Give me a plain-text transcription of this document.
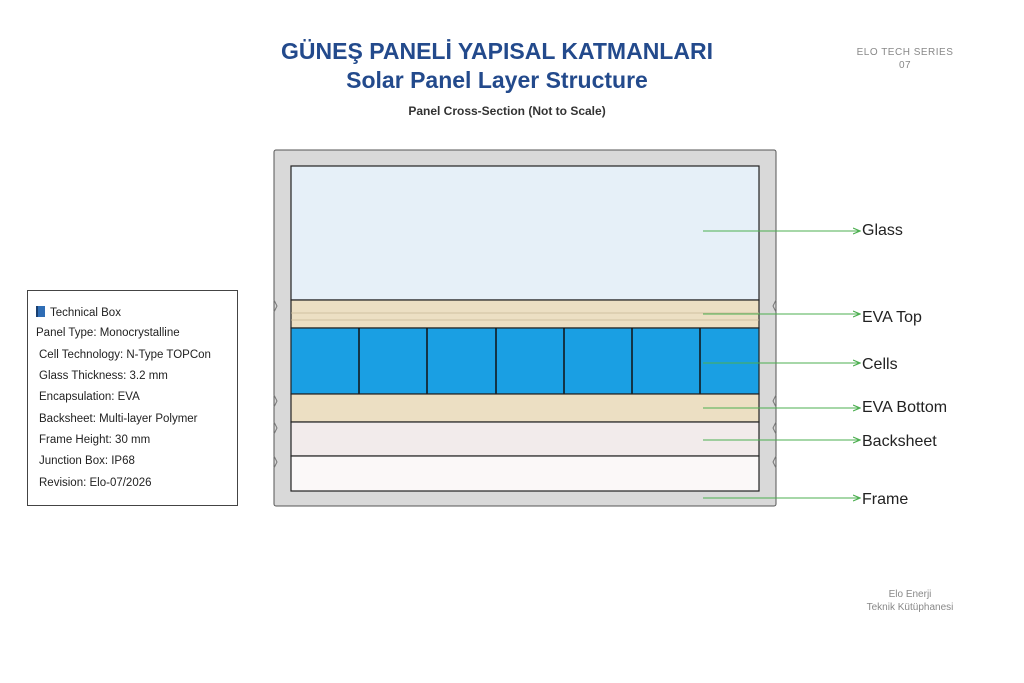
GÜNEŞ PANELİ YAPISAL KATMANLARI
Solar Panel Layer Structure
Panel Cross-Section (Not to Scale)
ELO TECH SERIES
07
Technical Box
Panel Type: Monocrystalline
Cell Technology: N-Type TOPCon
Glass Thickness: 3.2 mm
Encapsulation: EVA
Backsheet: Multi-layer Polymer
Frame Height: 30 mm
Junction Box: IP68
Revision: Elo-07/2026
Glass
EVA Top
Cells
EVA Bottom
Backsheet
Frame
Elo Enerji
Teknik Kütüphanesi
